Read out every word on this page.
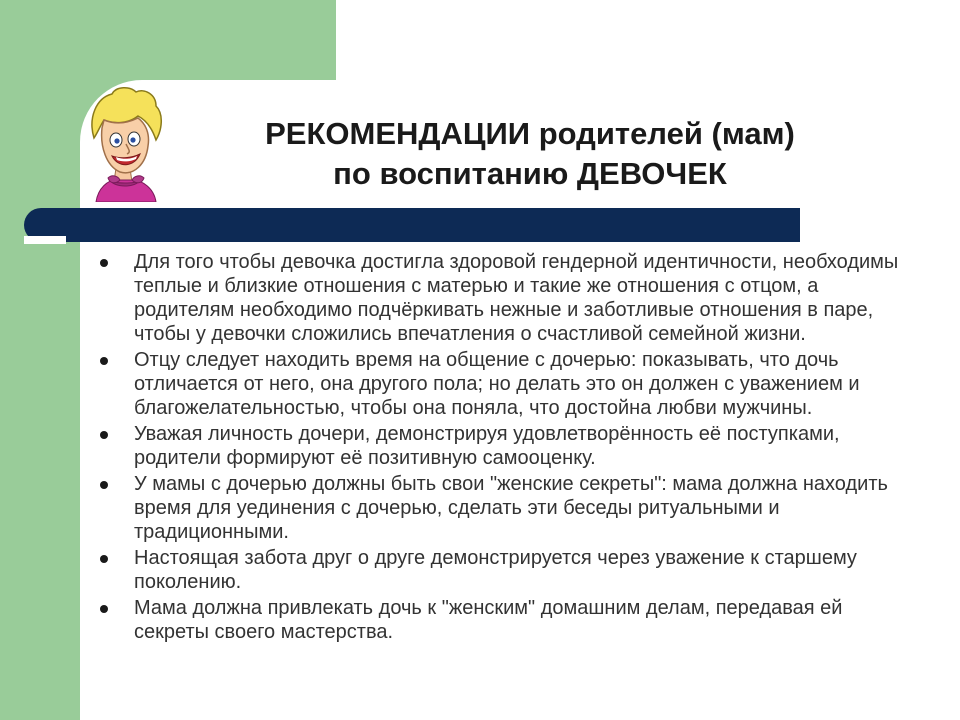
РЕКОМЕНДАЦИИ родителей (мам)
по воспитанию ДЕВОЧЕК
Для того чтобы девочка достигла здоровой гендерной идентичности, необходимы теплые и близкие отношения с матерью и такие же отношения с отцом, а родителям необходимо подчёркивать нежные и заботливые отношения в паре, чтобы у девочки сложились впечатления о счастливой семейной жизни.
Отцу следует находить время на общение с дочерью: показывать, что дочь отличается от него, она другого пола; но делать это он должен с уважением и благожелательностью, чтобы она поняла, что достойна любви мужчины.
Уважая личность дочери, демонстрируя удовлетворённость её поступками, родители формируют её позитивную самооценку.
У мамы с дочерью должны быть свои "женские секреты": мама должна находить время для уединения с дочерью, сделать эти беседы ритуальными и традиционными.
Настоящая забота друг о друге демонстрируется через уважение к старшему поколению.
Мама должна привлекать дочь к "женским" домашним делам, передавая ей секреты своего мастерства.
